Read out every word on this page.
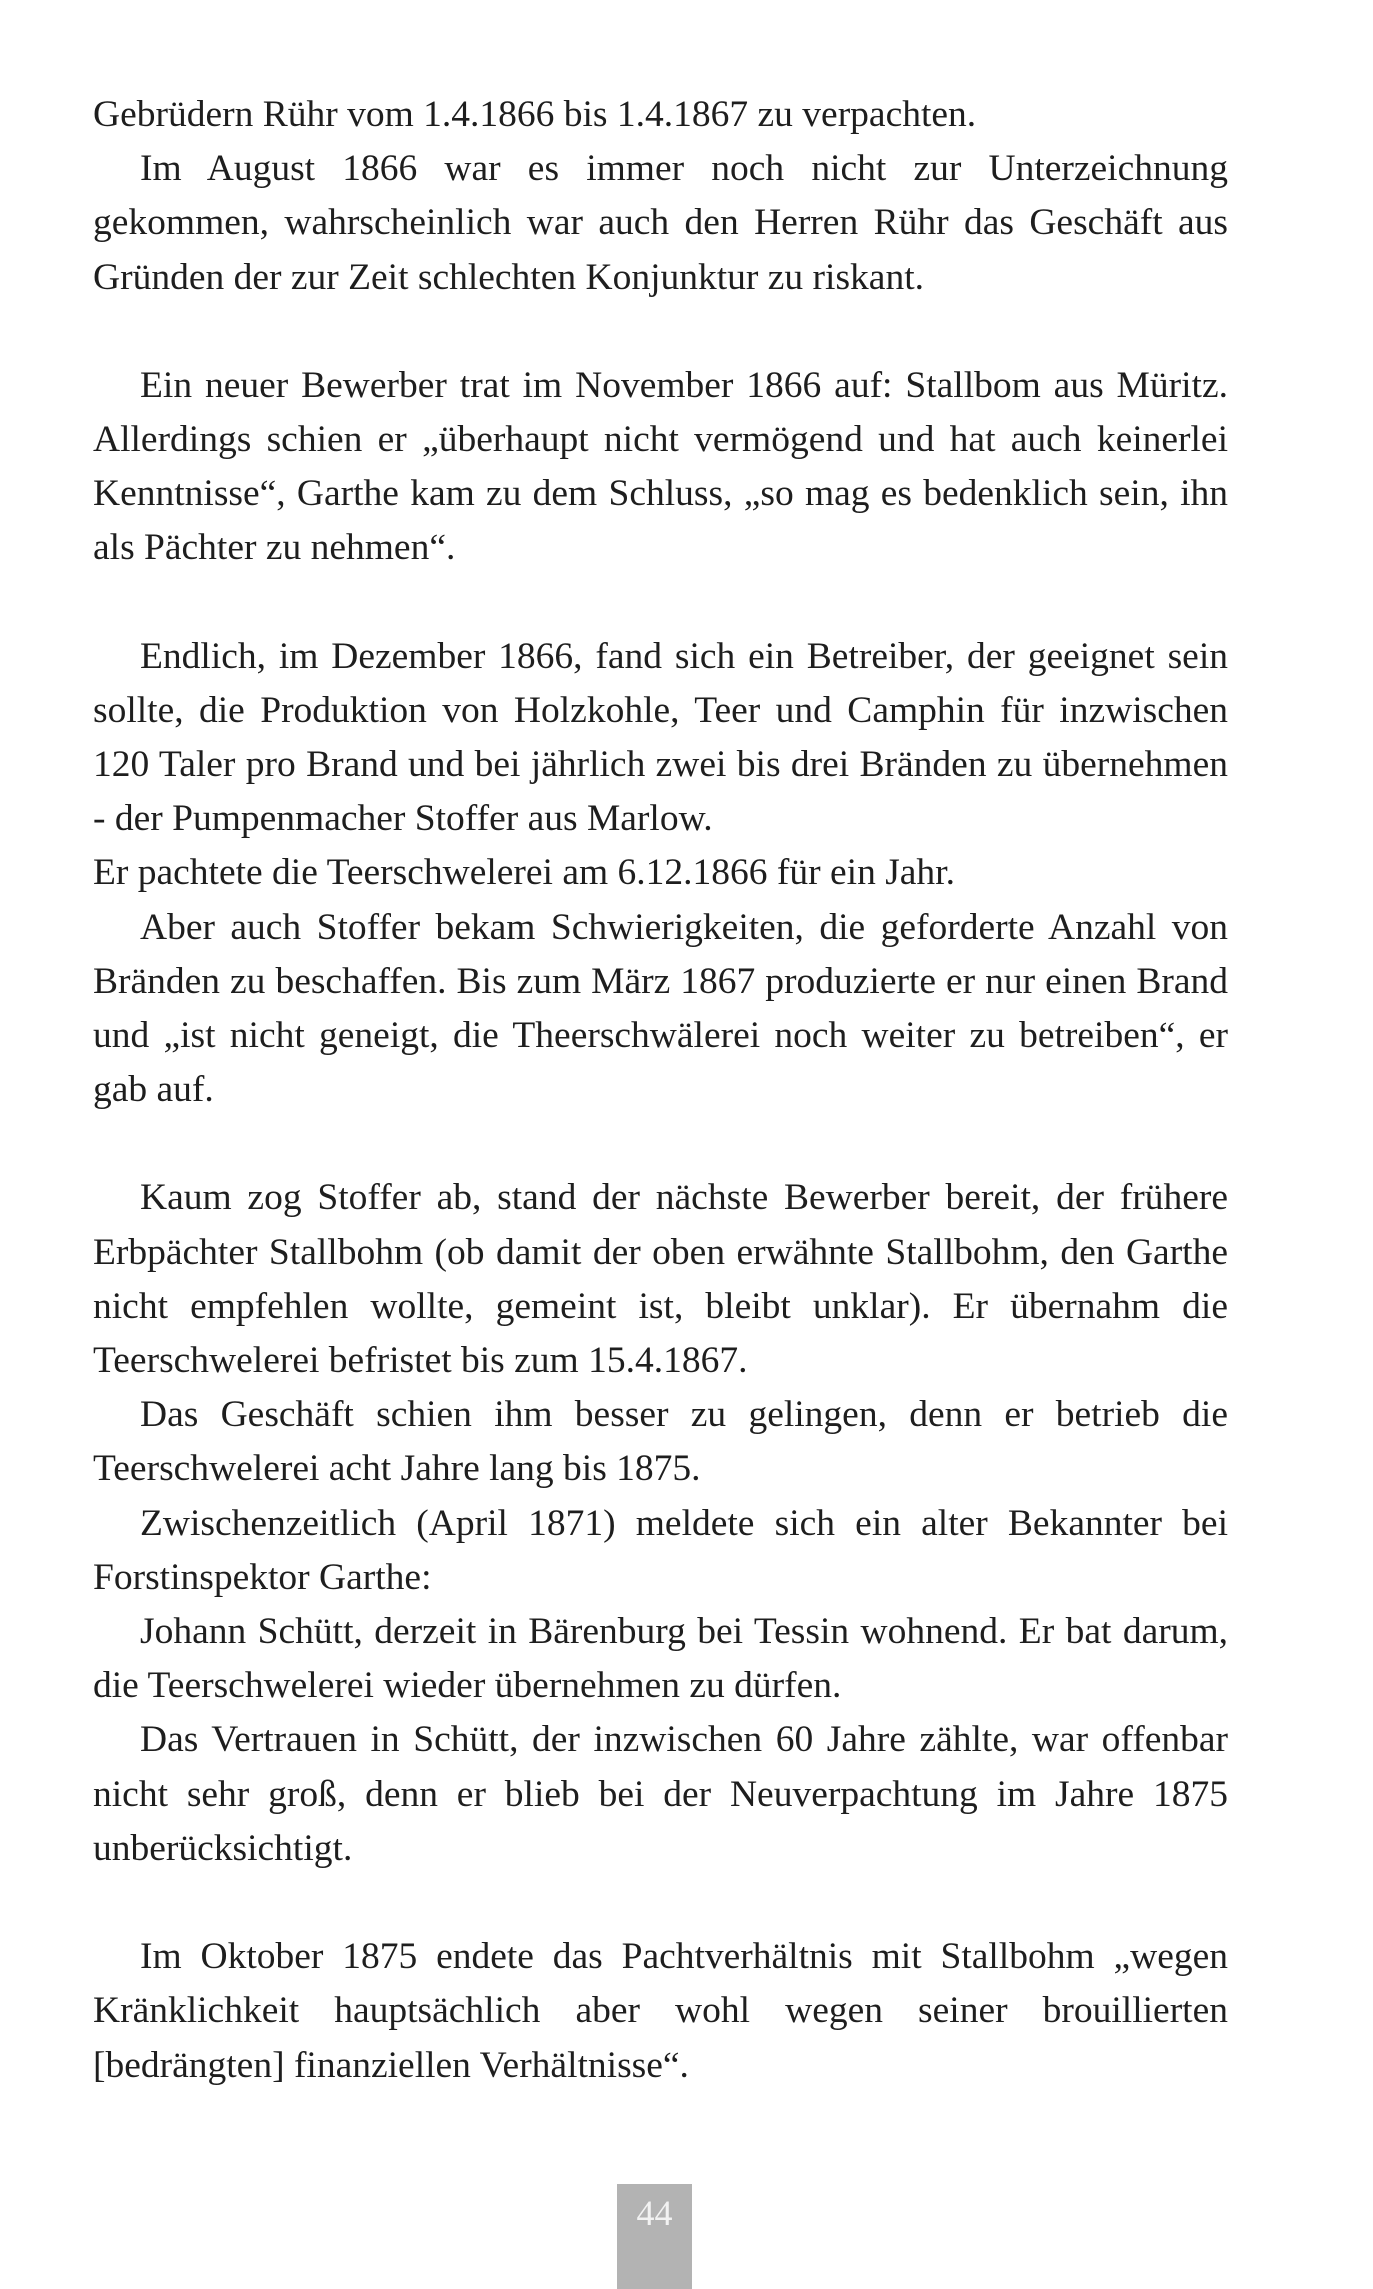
Gebrüdern Rühr vom 1.4.1866 bis 1.4.1867 zu verpachten.

Im August 1866 war es immer noch nicht zur Unterzeichnung gekommen, wahrscheinlich war auch den Herren Rühr das Geschäft aus Gründen der zur Zeit schlechten Konjunktur zu riskant.

Ein neuer Bewerber trat im November 1866 auf: Stallbom aus Müritz. Allerdings schien er „überhaupt nicht vermögend und hat auch keinerlei Kenntnisse“, Garthe kam zu dem Schluss, „so mag es bedenklich sein, ihn als Pächter zu nehmen“.

Endlich, im Dezember 1866, fand sich ein Betreiber, der geeignet sein sollte, die Produktion von Holzkohle, Teer und Camphin für inzwischen 120 Taler pro Brand und bei jährlich zwei bis drei Bränden zu übernehmen - der Pumpenmacher Stoffer aus Marlow.

Er pachtete die Teerschwelerei am 6.12.1866 für ein Jahr.

Aber auch Stoffer bekam Schwierigkeiten, die geforderte Anzahl von Bränden zu beschaffen. Bis zum März 1867 produzierte er nur einen Brand und „ist nicht geneigt, die Theerschwälerei noch weiter zu betreiben“, er gab auf.

Kaum zog Stoffer ab, stand der nächste Bewerber bereit, der frühere Erbpächter Stallbohm (ob damit der oben erwähnte Stallbohm, den Garthe nicht empfehlen wollte, gemeint ist, bleibt unklar). Er übernahm die Teerschwelerei befristet bis zum 15.4.1867.

Das Geschäft schien ihm besser zu gelingen, denn er betrieb die Teerschwelerei acht Jahre lang bis 1875.

Zwischenzeitlich (April 1871) meldete sich ein alter Bekannter bei Forstinspektor Garthe:

Johann Schütt, derzeit in Bärenburg bei Tessin wohnend. Er bat darum, die Teerschwelerei wieder übernehmen zu dürfen.

Das Vertrauen in Schütt, der inzwischen 60 Jahre zählte, war offenbar nicht sehr groß, denn er blieb bei der Neuverpachtung im Jahre 1875 unberücksichtigt.

Im Oktober 1875 endete das Pachtverhältnis mit Stallbohm „wegen Kränklichkeit hauptsächlich aber wohl wegen seiner brouillierten [bedrängten] finanziellen Verhältnisse“.

44
